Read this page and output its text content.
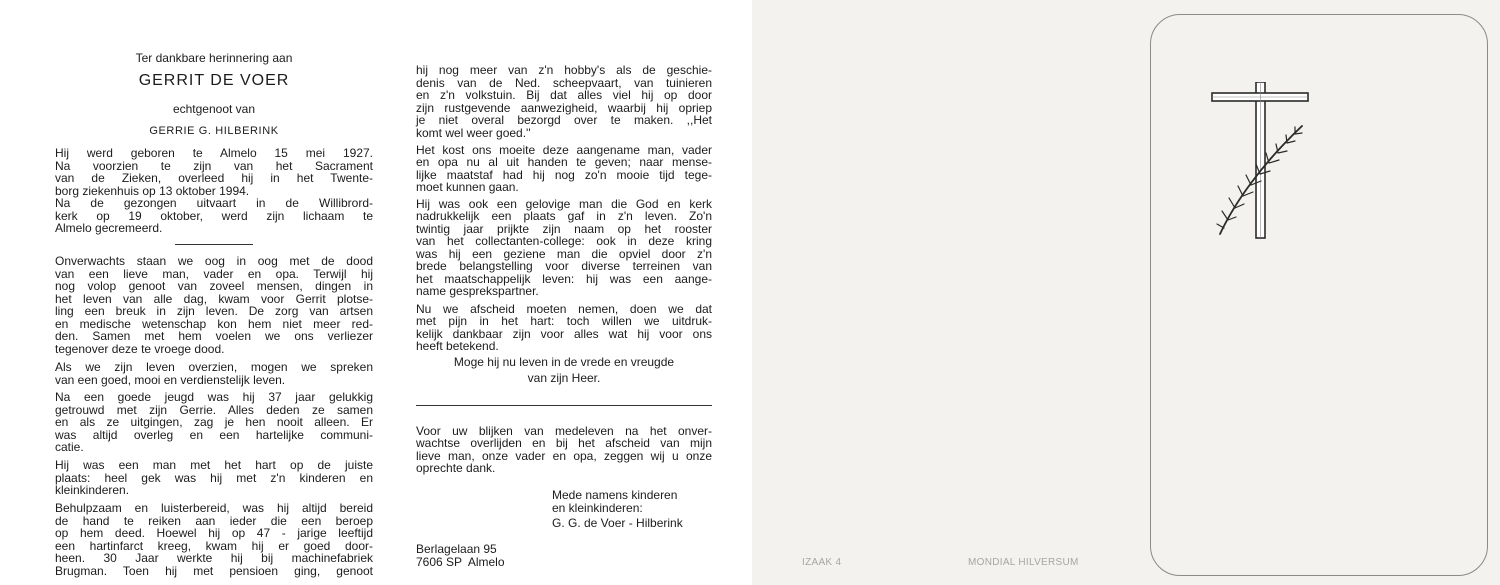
Ter dankbare herinnering aan

GERRIT DE VOER

echtgenoot van

GERRIE G. HILBERINK

Hij werd geboren te Almelo 15 mei 1927.

Na voorzien te zijn van het Sacrament

van de Zieken, overleed hij in het Twente-

borg ziekenhuis op 13 oktober 1994.

Na de gezongen uitvaart in de Willibrord-

kerk op 19 oktober, werd zijn lichaam te

Almelo gecremeerd.

Onverwachts staan we oog in oog met de dood

van een lieve man, vader en opa. Terwijl hij

nog volop genoot van zoveel mensen, dingen in

het leven van alle dag, kwam voor Gerrit plotse-

ling een breuk in zijn leven. De zorg van artsen

en medische wetenschap kon hem niet meer red-

den. Samen met hem voelen we ons verliezer

tegenover deze te vroege dood.

Als we zijn leven overzien, mogen we spreken

van een goed, mooi en verdienstelijk leven.

Na een goede jeugd was hij 37 jaar gelukkig

getrouwd met zijn Gerrie. Alles deden ze samen

en als ze uitgingen, zag je hen nooit alleen. Er

was altijd overleg en een hartelijke communi-

catie.

Hij was een man met het hart op de juiste

plaats: heel gek was hij met z'n kinderen en

kleinkinderen.

Behulpzaam en luisterbereid, was hij altijd bereid

de hand te reiken aan ieder die een beroep

op hem deed. Hoewel hij op 47 - jarige leeftijd

een hartinfarct kreeg, kwam hij er goed door-

heen. 30 Jaar werkte hij bij machinefabriek

Brugman. Toen hij met pensioen ging, genoot

hij nog meer van z'n hobby's als de geschie-

denis van de Ned. scheepvaart, van tuinieren

en z'n volkstuin. Bij dat alles viel hij op door

zijn rustgevende aanwezigheid, waarbij hij opriep

je niet overal bezorgd over te maken. ,,Het

komt wel weer goed.''

Het kost ons moeite deze aangename man, vader

en opa nu al uit handen te geven; naar mense-

lijke maatstaf had hij nog zo'n mooie tijd tege-

moet kunnen gaan.

Hij was ook een gelovige man die God en kerk

nadrukkelijk een plaats gaf in z'n leven. Zo'n

twintig jaar prijkte zijn naam op het rooster

van het collectanten-college: ook in deze kring

was hij een geziene man die opviel door z'n

brede belangstelling voor diverse terreinen van

het maatschappelijk leven: hij was een aange-

name gesprekspartner.

Nu we afscheid moeten nemen, doen we dat

met pijn in het hart: toch willen we uitdruk-

kelijk dankbaar zijn voor alles wat hij voor ons

heeft betekend.

Moge hij nu leven in de vrede en vreugde

van zijn Heer.

Voor uw blijken van medeleven na het onver-

wachtse overlijden en bij het afscheid van mijn

lieve man, onze vader en opa, zeggen wij u onze

oprechte dank.

Mede namens kinderen

en kleinkinderen:

G. G. de Voer - Hilberink

Berlagelaan 95

7606 SP  Almelo	IZAAK 4	MONDIAL HILVERSUM
